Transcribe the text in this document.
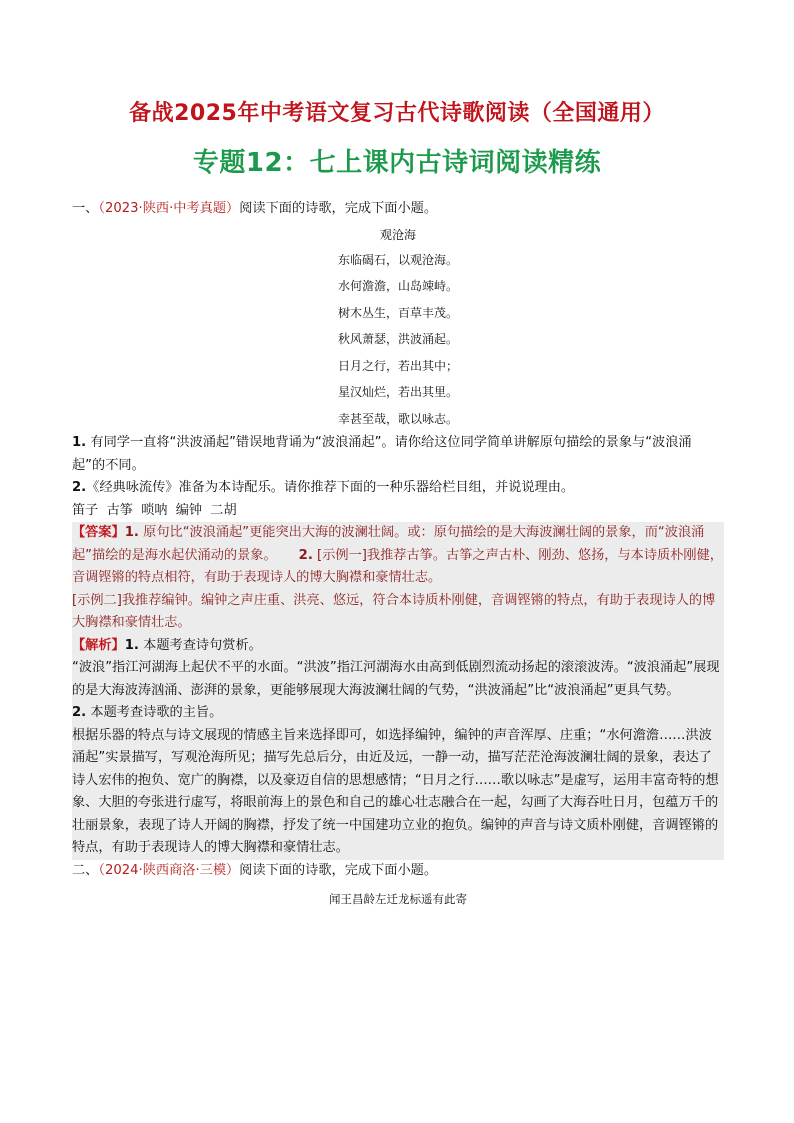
备战2025年中考语文复习古代诗歌阅读（全国通用）
专题12：七上课内古诗词阅读精练

一、（2023·陕西·中考真题）阅读下面的诗歌，完成下面小题。

观沧海
东临碣石，以观沧海。
水何澹澹，山岛竦峙。
树木丛生，百草丰茂。
秋风萧瑟，洪波涌起。
日月之行，若出其中；
星汉灿烂，若出其里。
幸甚至哉，歌以咏志。

1. 有同学一直将“洪波涌起”错误地背诵为“波浪涌起”。请你给这位同学简单讲解原句描绘的景象与“波浪涌起”的不同。

2.《经典咏流传》准备为本诗配乐。请你推荐下面的一种乐器给栏目组，并说说理由。

笛子 古筝 唢呐 编钟 二胡

【答案】1. 原句比“波浪涌起”更能突出大海的波澜壮阔。或：原句描绘的是大海波澜壮阔的景象，而“波浪涌起”描绘的是海水起伏涌动的景象。 2. [示例一]我推荐古筝。古筝之声古朴、刚劲、悠扬，与本诗质朴刚健，音调铿锵的特点相符，有助于表现诗人的博大胸襟和豪情壮志。

[示例二]我推荐编钟。编钟之声庄重、洪亮、悠远，符合本诗质朴刚健，音调铿锵的特点，有助于表现诗人的博大胸襟和豪情壮志。

【解析】1. 本题考查诗句赏析。

“波浪”指江河湖海上起伏不平的水面。“洪波”指江河湖海水由高到低剧烈流动扬起的滚滚波涛。“波浪涌起”展现的是大海波涛汹涌、澎湃的景象，更能够展现大海波澜壮阔的气势，“洪波涌起”比“波浪涌起”更具气势。

2. 本题考查诗歌的主旨。

根据乐器的特点与诗文展现的情感主旨来选择即可，如选择编钟，编钟的声音浑厚、庄重；“水何澹澹……洪波涌起”实景描写，写观沧海所见；描写先总后分，由近及远，一静一动，描写茫茫沧海波澜壮阔的景象，表达了诗人宏伟的抱负、宽广的胸襟，以及豪迈自信的思想感情；“日月之行……歌以咏志”是虚写，运用丰富奇特的想象、大胆的夸张进行虚写，将眼前海上的景色和自己的雄心壮志融合在一起，勾画了大海吞吐日月，包蕴万千的壮丽景象，表现了诗人开阔的胸襟，抒发了统一中国建功立业的抱负。编钟的声音与诗文质朴刚健，音调铿锵的特点，有助于表现诗人的博大胸襟和豪情壮志。

二、（2024·陕西商洛·三模）阅读下面的诗歌，完成下面小题。

闻王昌龄左迁龙标遥有此寄
